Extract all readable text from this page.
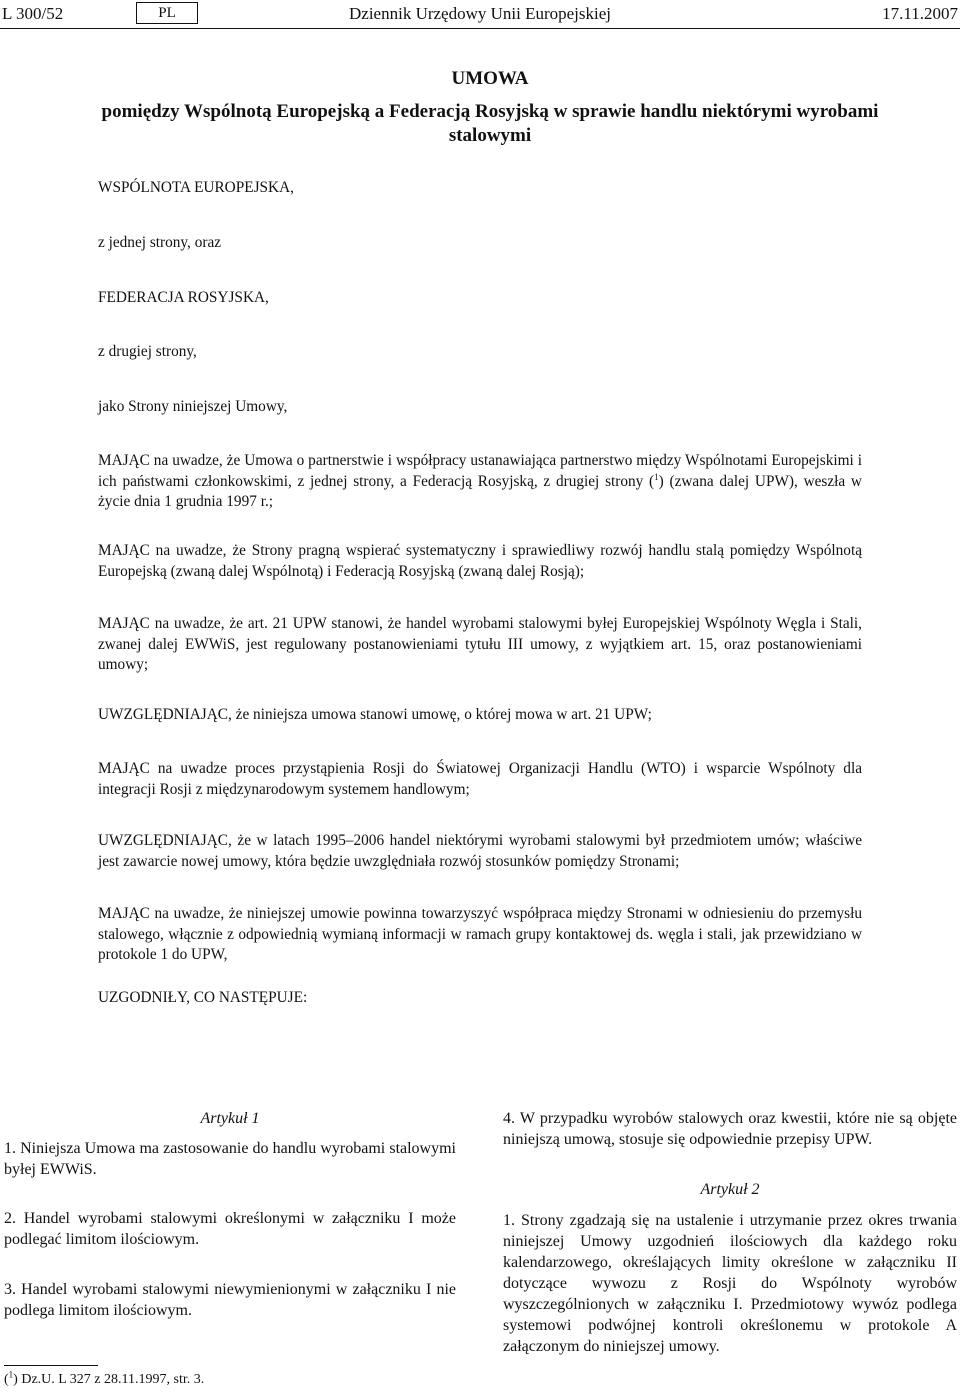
L 300/52	PL	Dziennik Urzędowy Unii Europejskiej	17.11.2007
UMOWA
pomiędzy Wspólnotą Europejską a Federacją Rosyjską w sprawie handlu niektórymi wyrobami stalowymi
WSPÓLNOTA EUROPEJSKA,
z jednej strony, oraz
FEDERACJA ROSYJSKA,
z drugiej strony,
jako Strony niniejszej Umowy,
MAJĄC na uwadze, że Umowa o partnerstwie i współpracy ustanawiająca partnerstwo między Wspólnotami Europejskimi i ich państwami członkowskimi, z jednej strony, a Federacją Rosyjską, z drugiej strony ($^1$) (zwana dalej UPW), weszła w życie dnia 1 grudnia 1997 r.;
MAJĄC na uwadze, że Strony pragną wspierać systematyczny i sprawiedliwy rozwój handlu stalą pomiędzy Wspólnotą Europejską (zwaną dalej Wspólnotą) i Federacją Rosyjską (zwaną dalej Rosją);
MAJĄC na uwadze, że art. 21 UPW stanowi, że handel wyrobami stalowymi byłej Europejskiej Wspólnoty Węgla i Stali, zwanej dalej EWWiS, jest regulowany postanowieniami tytułu III umowy, z wyjątkiem art. 15, oraz postanowieniami umowy;
UWZGLĘDNIAJĄC, że niniejsza umowa stanowi umowę, o której mowa w art. 21 UPW;
MAJĄC na uwadze proces przystąpienia Rosji do Światowej Organizacji Handlu (WTO) i wsparcie Wspólnoty dla integracji Rosji z międzynarodowym systemem handlowym;
UWZGLĘDNIAJĄC, że w latach 1995–2006 handel niektórymi wyrobami stalowymi był przedmiotem umów; właściwe jest zawarcie nowej umowy, która będzie uwzględniała rozwój stosunków pomiędzy Stronami;
MAJĄC na uwadze, że niniejszej umowie powinna towarzyszyć współpraca między Stronami w odniesieniu do przemysłu stalowego, włącznie z odpowiednią wymianą informacji w ramach grupy kontaktowej ds. węgla i stali, jak przewidziano w protokole 1 do UPW,
UZGODNIŁY, CO NASTĘPUJE:
Artykuł 1
1. Niniejsza Umowa ma zastosowanie do handlu wyrobami stalowymi byłej EWWiS.
2. Handel wyrobami stalowymi określonymi w załączniku I może podlegać limitom ilościowym.
3. Handel wyrobami stalowymi niewymienionymi w załączniku I nie podlega limitom ilościowym.
4. W przypadku wyrobów stalowych oraz kwestii, które nie są objęte niniejszą umową, stosuje się odpowiednie przepisy UPW.
Artykuł 2
1. Strony zgadzają się na ustalenie i utrzymanie przez okres trwania niniejszej Umowy uzgodnień ilościowych dla każdego roku kalendarzowego, określających limity określone w załączniku II dotyczące wywozu z Rosji do Wspólnoty wyrobów wyszczególnionych w załączniku I. Przedmiotowy wywóz podlega systemowi podwójnej kontroli określonemu w protokole A załączonym do niniejszej umowy.
($^1$) Dz.U. L 327 z 28.11.1997, str. 3.
